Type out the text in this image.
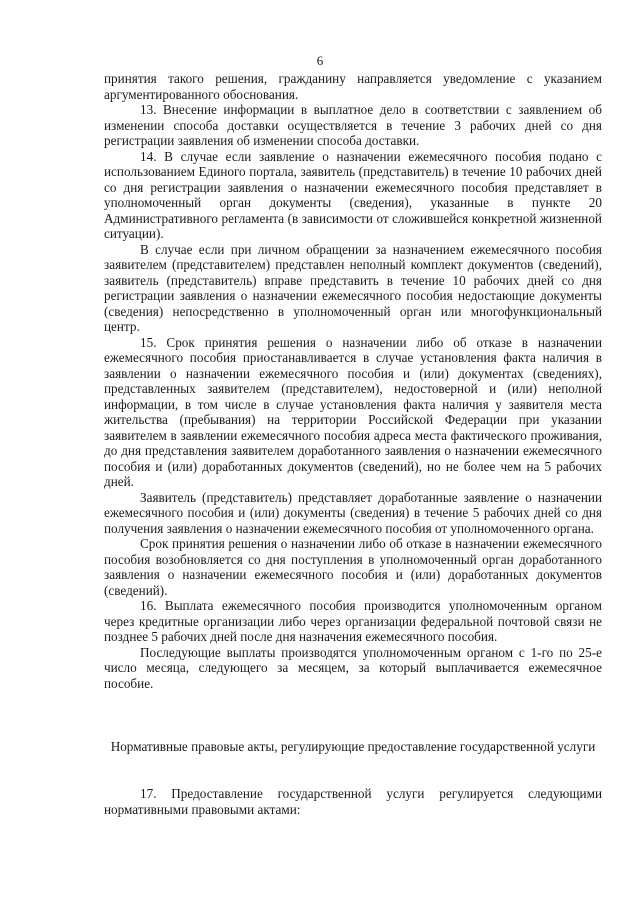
6

принятия такого решения, гражданину направляется уведомление с указанием аргументированного обоснования.

13. Внесение информации в выплатное дело в соответствии с заявлением об изменении способа доставки осуществляется в течение 3 рабочих дней со дня регистрации заявления об изменении способа доставки.

14. В случае если заявление о назначении ежемесячного пособия подано с использованием Единого портала, заявитель (представитель) в течение 10 рабочих дней со дня регистрации заявления о назначении ежемесячного пособия представляет в уполномоченный орган документы (сведения), указанные в пункте 20 Административного регламента (в зависимости от сложившейся конкретной жизненной ситуации).

В случае если при личном обращении за назначением ежемесячного пособия заявителем (представителем) представлен неполный комплект документов (сведений), заявитель (представитель) вправе представить в течение 10 рабочих дней со дня регистрации заявления о назначении ежемесячного пособия недостающие документы (сведения) непосредственно в уполномоченный орган или многофункциональный центр.

15. Срок принятия решения о назначении либо об отказе в назначении ежемесячного пособия приостанавливается в случае установления факта наличия в заявлении о назначении ежемесячного пособия и (или) документах (сведениях), представленных заявителем (представителем), недостоверной и (или) неполной информации, в том числе в случае установления факта наличия у заявителя места жительства (пребывания) на территории Российской Федерации при указании заявителем в заявлении ежемесячного пособия адреса места фактического проживания, до дня представления заявителем доработанного заявления о назначении ежемесячного пособия и (или) доработанных документов (сведений), но не более чем на 5 рабочих дней.

Заявитель (представитель) представляет доработанные заявление о назначении ежемесячного пособия и (или) документы (сведения) в течение 5 рабочих дней со дня получения заявления о назначении ежемесячного пособия от уполномоченного органа.

Срок принятия решения о назначении либо об отказе в назначении ежемесячного пособия возобновляется со дня поступления в уполномоченный орган доработанного заявления о назначении ежемесячного пособия и (или) доработанных документов (сведений).

16. Выплата ежемесячного пособия производится уполномоченным органом через кредитные организации либо через организации федеральной почтовой связи не позднее 5 рабочих дней после дня назначения ежемесячного пособия.

Последующие выплаты производятся уполномоченным органом с 1-го по 25-е число месяца, следующего за месяцем, за который выплачивается ежемесячное пособие.

Нормативные правовые акты, регулирующие предоставление государственной услуги

17. Предоставление государственной услуги регулируется следующими нормативными правовыми актами:
